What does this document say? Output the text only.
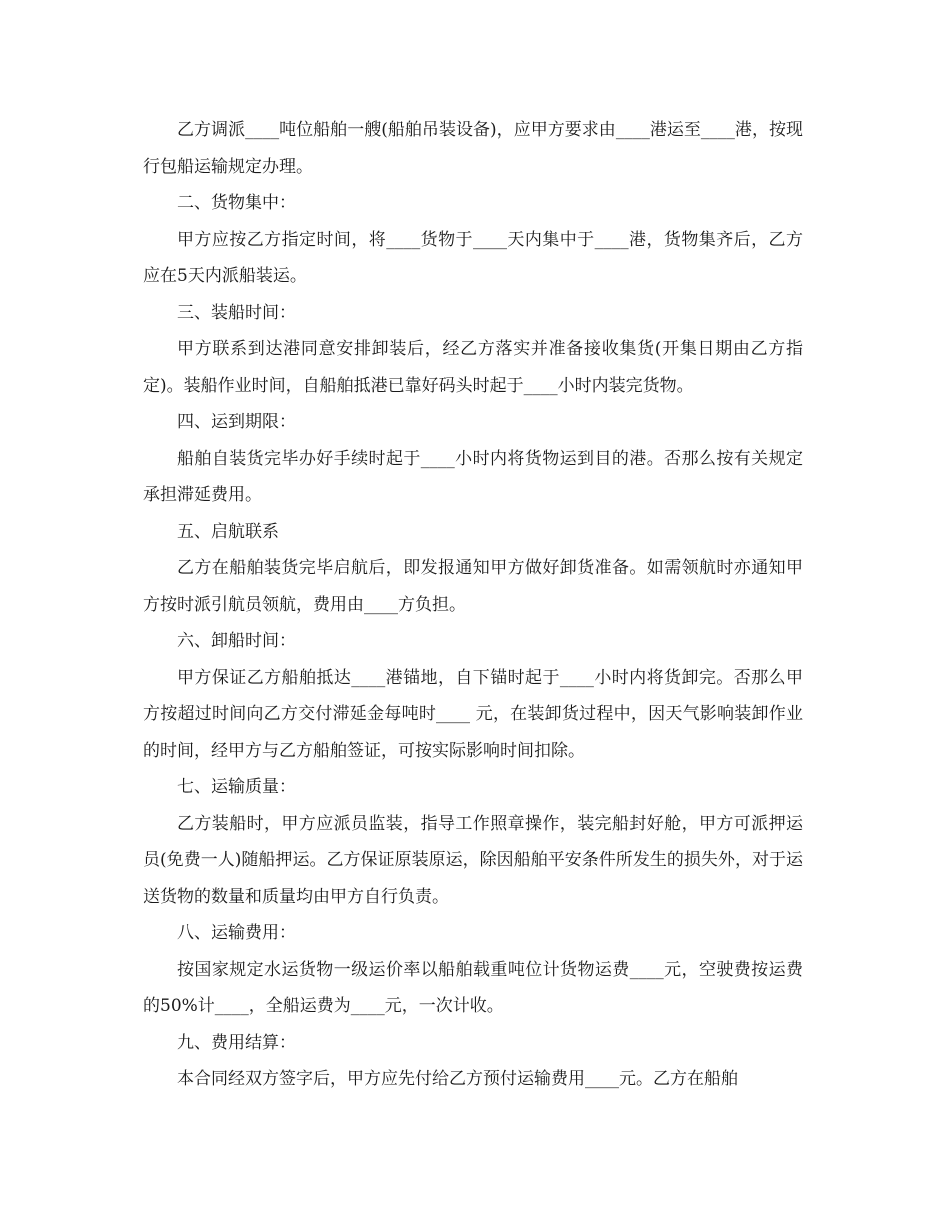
乙方调派____吨位船舶一艘(船舶吊装设备)，应甲方要求由____港运至____港，按现行包船运输规定办理。

二、货物集中：

甲方应按乙方指定时间，将____货物于____天内集中于____港，货物集齐后，乙方应在5天内派船装运。

三、装船时间：

甲方联系到达港同意安排卸装后，经乙方落实并准备接收集货(开集日期由乙方指定)。装船作业时间，自船舶抵港已靠好码头时起于____小时内装完货物。

四、运到期限：

船舶自装货完毕办好手续时起于____小时内将货物运到目的港。否那么按有关规定承担滞延费用。

五、启航联系

乙方在船舶装货完毕启航后，即发报通知甲方做好卸货准备。如需领航时亦通知甲方按时派引航员领航，费用由____方负担。

六、卸船时间：

甲方保证乙方船舶抵达____港锚地，自下锚时起于____小时内将货卸完。否那么甲方按超过时间向乙方交付滞延金每吨时____ 元，在装卸货过程中，因天气影响装卸作业的时间，经甲方与乙方船舶签证，可按实际影响时间扣除。

七、运输质量：

乙方装船时，甲方应派员监装，指导工作照章操作，装完船封好舱，甲方可派押运员(免费一人)随船押运。乙方保证原装原运，除因船舶平安条件所发生的损失外，对于运送货物的数量和质量均由甲方自行负责。

八、运输费用：

按国家规定水运货物一级运价率以船舶载重吨位计货物运费____元，空驶费按运费的50%计____，全船运费为____元，一次计收。

九、费用结算：

本合同经双方签字后，甲方应先付给乙方预付运输费用____元。乙方在船舶
